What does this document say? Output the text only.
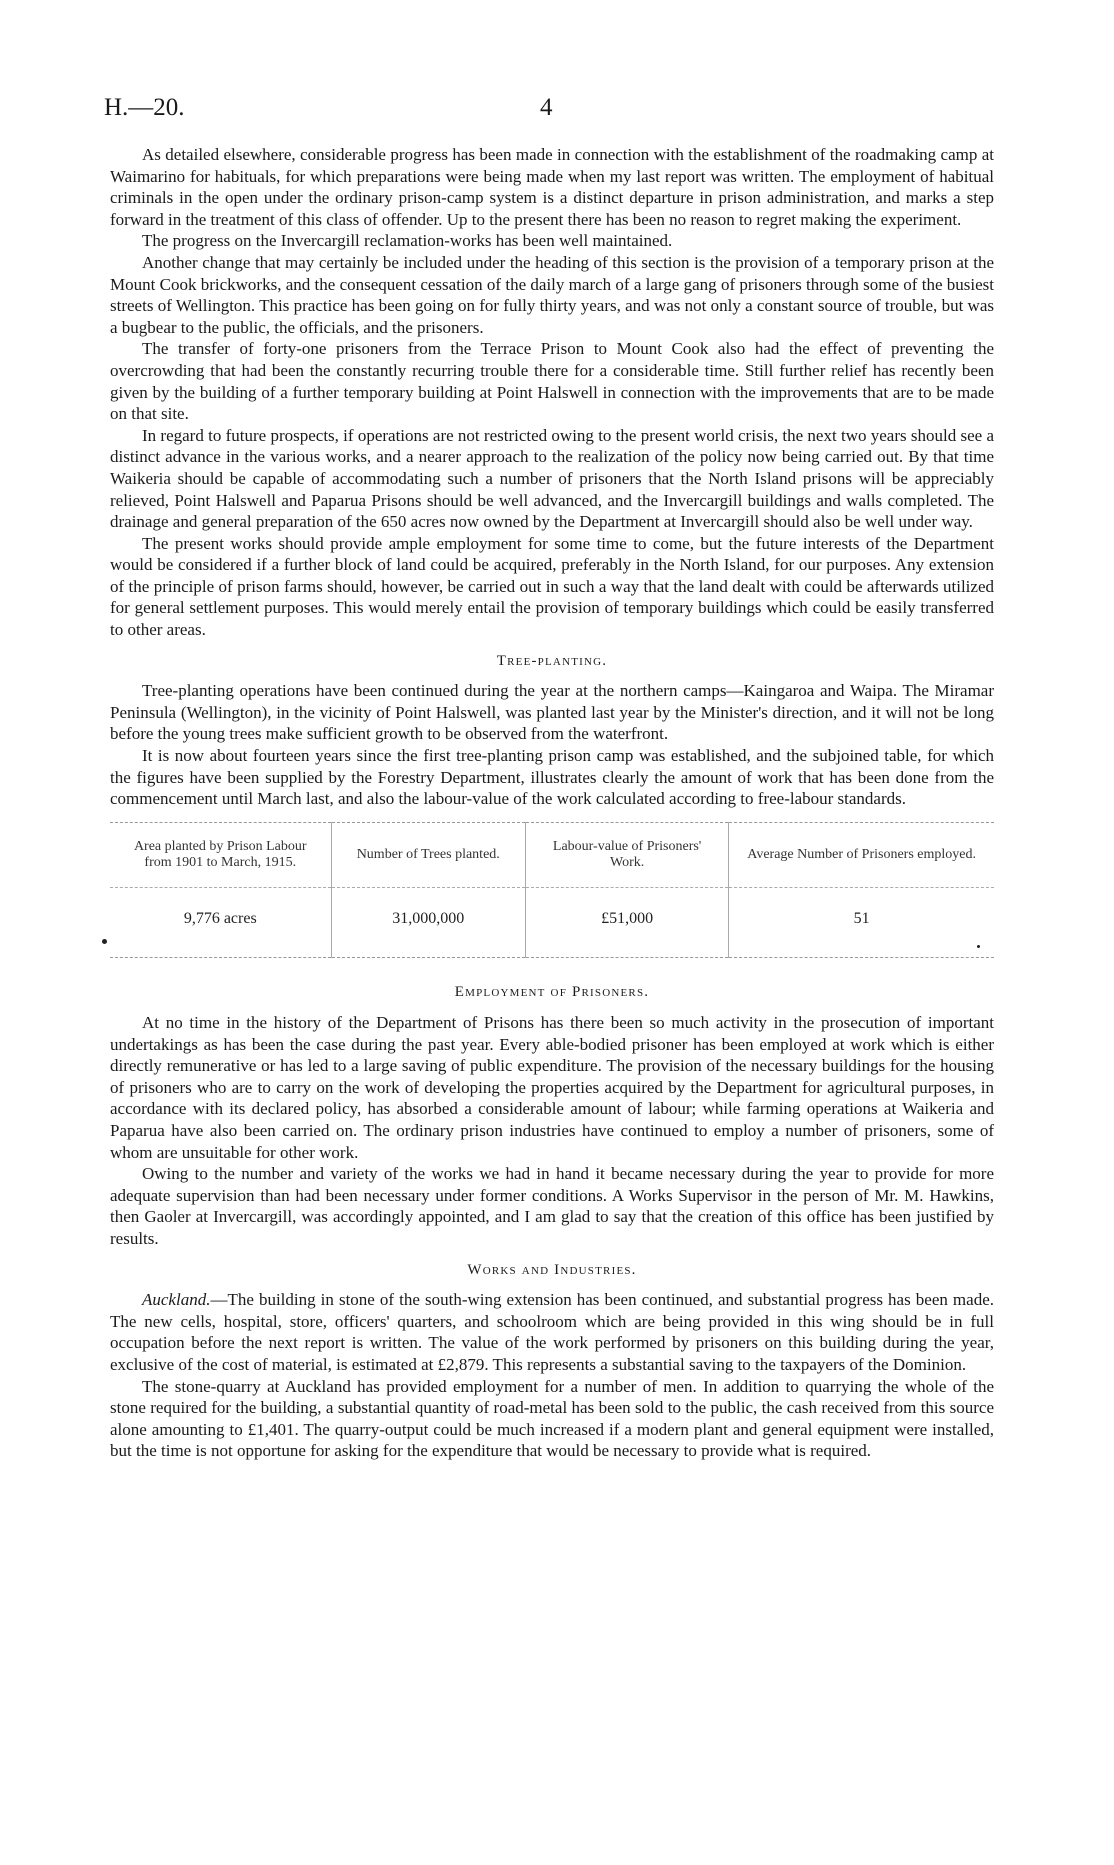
H.—20.	4

As detailed elsewhere, considerable progress has been made in connection with the establishment of the roadmaking camp at Waimarino for habituals, for which preparations were being made when my last report was written. The employment of habitual criminals in the open under the ordinary prison-camp system is a distinct departure in prison administration, and marks a step forward in the treatment of this class of offender. Up to the present there has been no reason to regret making the experiment.

The progress on the Invercargill reclamation-works has been well maintained.

Another change that may certainly be included under the heading of this section is the provision of a temporary prison at the Mount Cook brickworks, and the consequent cessation of the daily march of a large gang of prisoners through some of the busiest streets of Wellington. This practice has been going on for fully thirty years, and was not only a constant source of trouble, but was a bugbear to the public, the officials, and the prisoners.

The transfer of forty-one prisoners from the Terrace Prison to Mount Cook also had the effect of preventing the overcrowding that had been the constantly recurring trouble there for a considerable time. Still further relief has recently been given by the building of a further temporary building at Point Halswell in connection with the improvements that are to be made on that site.

In regard to future prospects, if operations are not restricted owing to the present world crisis, the next two years should see a distinct advance in the various works, and a nearer approach to the realization of the policy now being carried out. By that time Waikeria should be capable of accommodating such a number of prisoners that the North Island prisons will be appreciably relieved, Point Halswell and Paparua Prisons should be well advanced, and the Invercargill buildings and walls completed. The drainage and general preparation of the 650 acres now owned by the Department at Invercargill should also be well under way.

The present works should provide ample employment for some time to come, but the future interests of the Department would be considered if a further block of land could be acquired, preferably in the North Island, for our purposes. Any extension of the principle of prison farms should, however, be carried out in such a way that the land dealt with could be afterwards utilized for general settlement purposes. This would merely entail the provision of temporary buildings which could be easily transferred to other areas.

Tree-planting.

Tree-planting operations have been continued during the year at the northern camps—Kaingaroa and Waipa. The Miramar Peninsula (Wellington), in the vicinity of Point Halswell, was planted last year by the Minister's direction, and it will not be long before the young trees make sufficient growth to be observed from the waterfront.

It is now about fourteen years since the first tree-planting prison camp was established, and the subjoined table, for which the figures have been supplied by the Forestry Department, illustrates clearly the amount of work that has been done from the commencement until March last, and also the labour-value of the work calculated according to free-labour standards.

Area planted by Prison Labour from 1901 to March, 1915.	Number of Trees planted.	Labour-value of Prisoners' Work.	Average Number of Prisoners employed.
9,776 acres	31,000,000	£51,000	51
Employment of Prisoners.

At no time in the history of the Department of Prisons has there been so much activity in the prosecution of important undertakings as has been the case during the past year. Every able-bodied prisoner has been employed at work which is either directly remunerative or has led to a large saving of public expenditure. The provision of the necessary buildings for the housing of prisoners who are to carry on the work of developing the properties acquired by the Department for agricultural purposes, in accordance with its declared policy, has absorbed a considerable amount of labour; while farming operations at Waikeria and Paparua have also been carried on. The ordinary prison industries have continued to employ a number of prisoners, some of whom are unsuitable for other work.

Owing to the number and variety of the works we had in hand it became necessary during the year to provide for more adequate supervision than had been necessary under former conditions. A Works Supervisor in the person of Mr. M. Hawkins, then Gaoler at Invercargill, was accordingly appointed, and I am glad to say that the creation of this office has been justified by results.

Works and Industries.

Auckland.—The building in stone of the south-wing extension has been continued, and substantial progress has been made. The new cells, hospital, store, officers' quarters, and schoolroom which are being provided in this wing should be in full occupation before the next report is written. The value of the work performed by prisoners on this building during the year, exclusive of the cost of material, is estimated at £2,879. This represents a substantial saving to the taxpayers of the Dominion.

The stone-quarry at Auckland has provided employment for a number of men. In addition to quarrying the whole of the stone required for the building, a substantial quantity of road-metal has been sold to the public, the cash received from this source alone amounting to £1,401. The quarry-output could be much increased if a modern plant and general equipment were installed, but the time is not opportune for asking for the expenditure that would be necessary to provide what is required.
